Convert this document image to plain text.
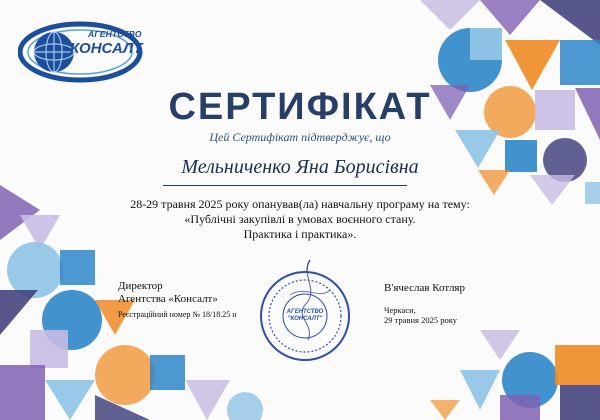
АГЕНТСТВО
КОНСАЛТ
СЕРТИФІКАТ
Цей Сертифікат підтверджує, що
Мельниченко Яна Борисівна
28-29 травня 2025 року опанував(ла) навчальну програму на тему:
«Публічні закупівлі в умовах воєнного стану.
Практика і практика».
Директор
Агентства «Консалт»
Реєстраційний номер № 18/18.25 н	АГЕНТСТВО "КОНСАЛТ"
В'ячеслав Котляр
Черкаси,
29 травня 2025 року
